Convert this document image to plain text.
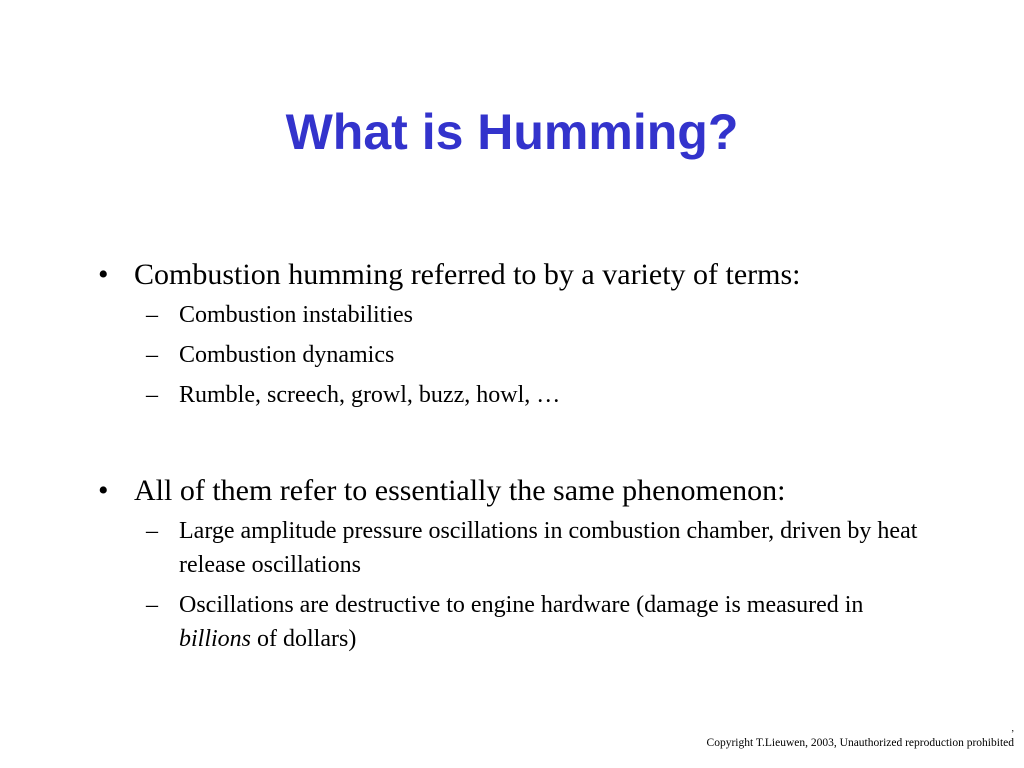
What is Humming?
• Combustion humming referred to by a variety of terms:
– Combustion instabilities
– Combustion dynamics
– Rumble, screech, growl, buzz, howl, …
• All of them refer to essentially the same phenomenon:
– Large amplitude pressure oscillations in combustion chamber, driven by heat release oscillations
– Oscillations are destructive to engine hardware (damage is measured in billions of dollars)
,
Copyright T.Lieuwen, 2003, Unauthorized reproduction prohibited
